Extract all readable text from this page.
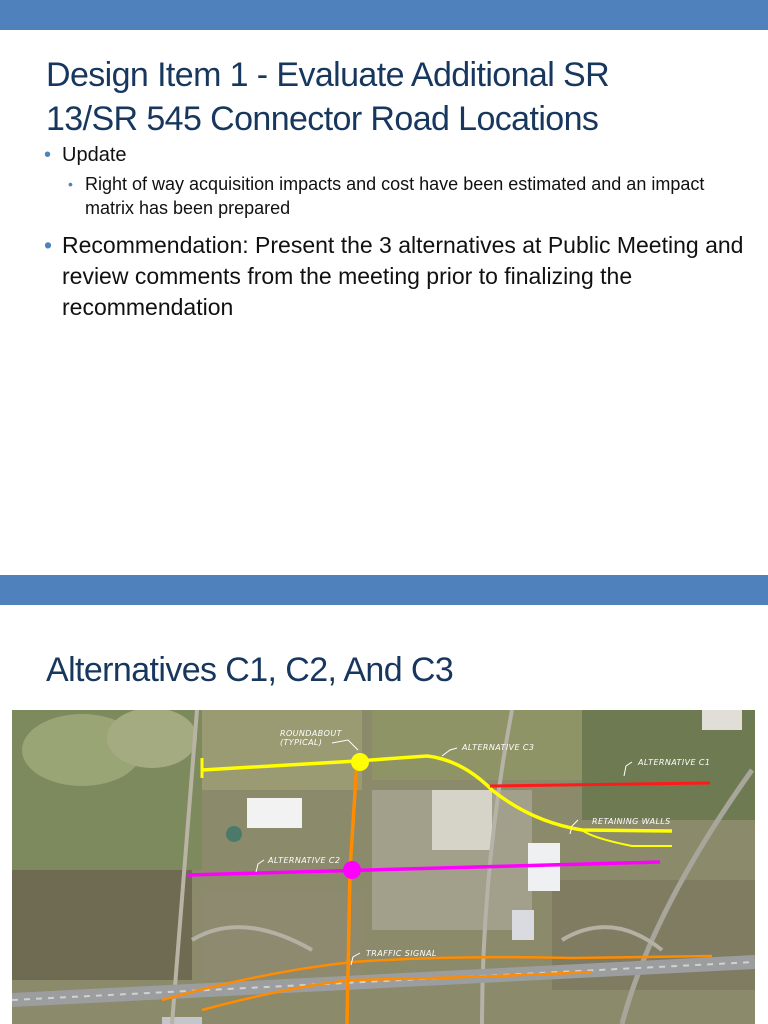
Design Item 1 - Evaluate Additional SR
13/SR 545 Connector Road Locations
• Update
• Right of way acquisition impacts and cost have been estimated and an impact matrix has been prepared
• Recommendation: Present the 3 alternatives at Public Meeting and review comments from the meeting prior to finalizing the recommendation
Alternatives C1, C2, And C3
ROUNDABOUT
(TYPICAL)
ALTERNATIVE C3
ALTERNATIVE C1
RETAINING WALLS
ALTERNATIVE C2
TRAFFIC SIGNAL
